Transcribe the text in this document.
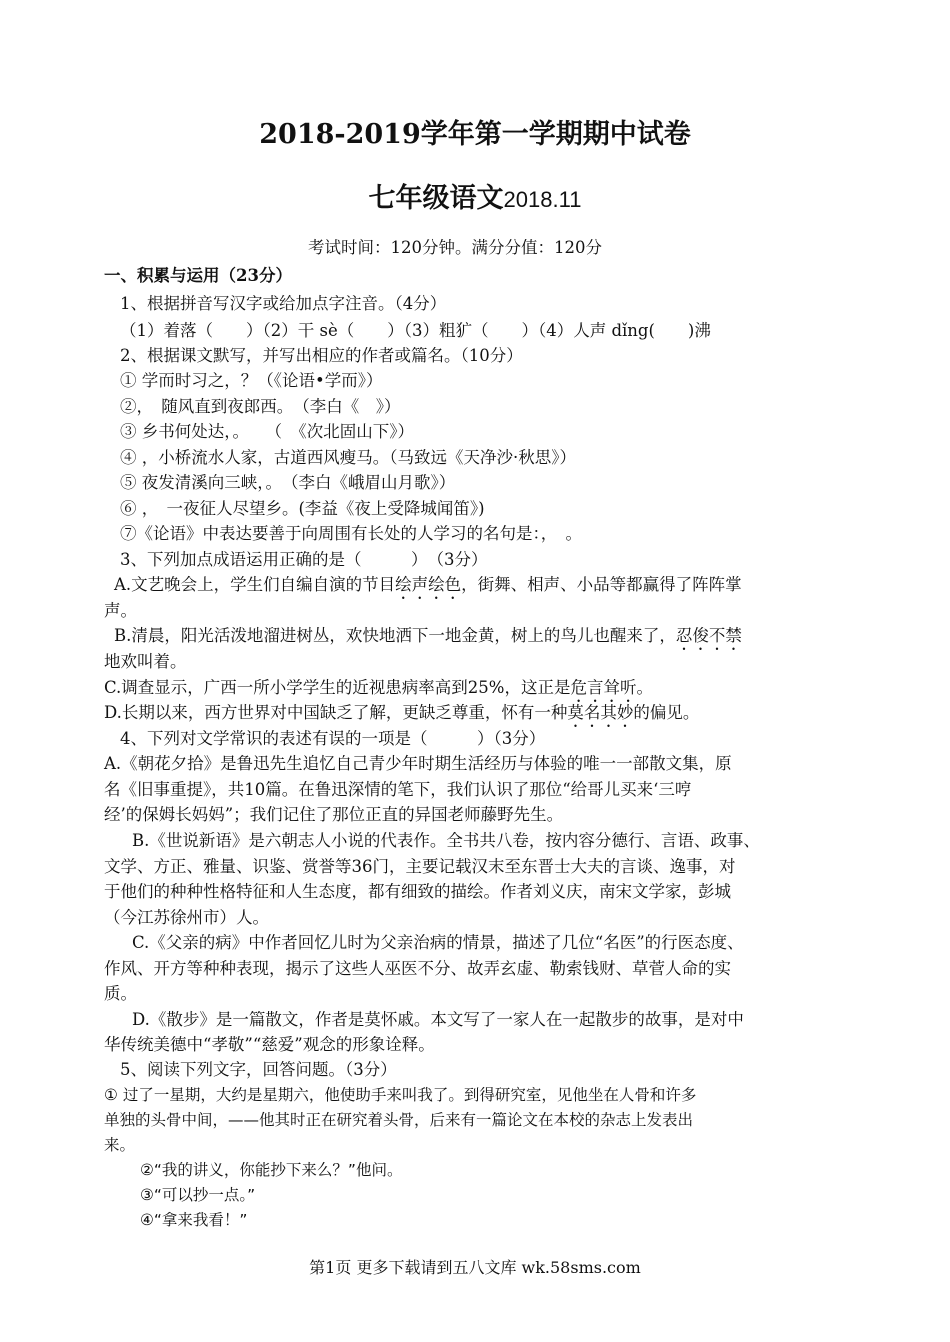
2018-2019学年第一学期期中试卷
七年级语文2018.11
考试时间：120分钟。满分分值：120分
一、积累与运用（23分）
1、根据拼音写汉字或给加点字注音。（4分）
（1）着落（　　）（2）干 sè（　　）（3）粗犷（　　）（4）人声 dǐng(　　)沸
2、根据课文默写，并写出相应的作者或篇名。（10分）
① 学而时习之，？（《论语•学而》）
②，　随风直到夜郎西。　（李白《　》）
③ 乡书何处达，。　　（　《次北固山下》）
④ ，小桥流水人家，古道西风瘦马。（马致远《天净沙·秋思》）
⑤ 夜发清溪向三峡，。　（李白《峨眉山月歌》）
⑥ ，　一夜征人尽望乡。(李益《夜上受降城闻笛》)
⑦《论语》中表达要善于向周围有长处的人学习的名句是：，　。
3、下列加点成语运用正确的是（　　　）　（3分）
A.文艺晚会上，学生们自编自演的节目绘声绘色，街舞、相声、小品等都赢得了阵阵掌
声。
B.清晨，阳光活泼地溜进树丛，欢快地洒下一地金黄，树上的鸟儿也醒来了，忍俊不禁
地欢叫着。
C.调查显示，广西一所小学学生的近视患病率高到25%，这正是危言耸听。
D.长期以来，西方世界对中国缺乏了解，更缺乏尊重，怀有一种莫名其妙的偏见。
4、下列对文学常识的表述有误的一项是（　　　）（3分）
A.《朝花夕拾》是鲁迅先生追忆自己青少年时期生活经历与体验的唯一一部散文集，原
名《旧事重提》，共10篇。在鲁迅深情的笔下，我们认识了那位“给哥儿买来‘三哼
经’的保姆长妈妈”；我们记住了那位正直的异国老师藤野先生。
B.《世说新语》是六朝志人小说的代表作。全书共八卷，按内容分德行、言语、政事、
文学、方正、雅量、识鉴、赏誉等36门，主要记载汉末至东晋士大夫的言谈、逸事，对
于他们的种种性格特征和人生态度，都有细致的描绘。作者刘义庆，南宋文学家，彭城
（今江苏徐州市）人。
C.《父亲的病》中作者回忆儿时为父亲治病的情景，描述了几位“名医”的行医态度、
作风、开方等种种表现，揭示了这些人巫医不分、故弄玄虚、勒索钱财、草菅人命的实
质。
D.《散步》是一篇散文，作者是莫怀戚。本文写了一家人在一起散步的故事，是对中
华传统美德中“孝敬”“慈爱”观念的形象诠释。
5、阅读下列文字，回答问题。（3分）
① 过了一星期，大约是星期六，他使助手来叫我了。到得研究室，见他坐在人骨和许多
单独的头骨中间，——他其时正在研究着头骨，后来有一篇论文在本校的杂志上发表出
来。
②“我的讲义，你能抄下来么？”他问。
③“可以抄一点。”
④“拿来我看！”
第1页 更多下载请到五八文库 wk.58sms.com
